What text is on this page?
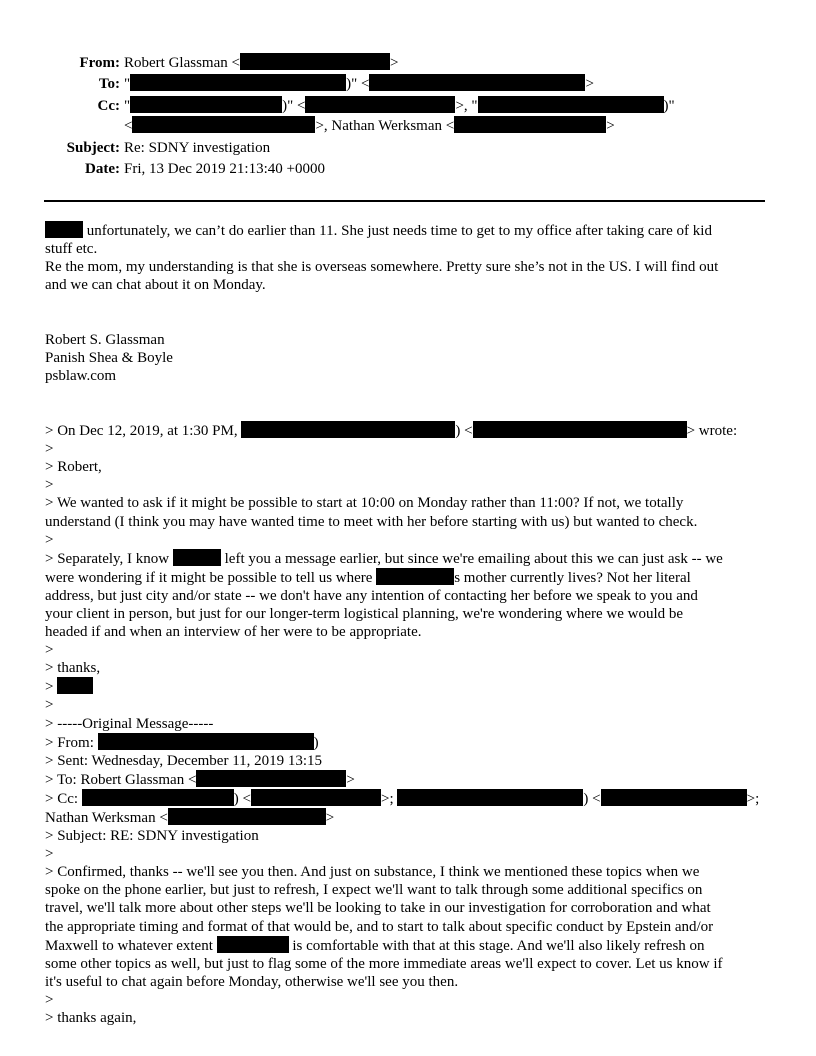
From: Robert Glassman <	>
To: "	)" <	>
Cc: "	)" <	>, "	)"
<	>, Nathan Werksman <	>
Subject: Re: SDNY investigation
Date: Fri, 13 Dec 2019 21:13:40 +0000
unfortunately, we can’t do earlier than 11. She just needs time to get to my office after taking care of kid
stuff etc.
Re the mom, my understanding is that she is overseas somewhere. Pretty sure she’s not in the US. I will find out
and we can chat about it on Monday.
Robert S. Glassman
Panish Shea & Boyle
psblaw.com
> On Dec 12, 2019, at 1:30 PM,	) <	> wrote:
>
> Robert,
>
> We wanted to ask if it might be possible to start at 10:00 on Monday rather than 11:00? If not, we totally
understand (I think you may have wanted time to meet with her before starting with us) but wanted to check.
>
> Separately, I know	left you a message earlier, but since we're emailing about this we can just ask -- we
were wondering if it might be possible to tell us where	s mother currently lives? Not her literal
address, but just city and/or state -- we don't have any intention of contacting her before we speak to you and
your client in person, but just for our longer-term logistical planning, we're wondering where we would be
headed if and when an interview of her were to be appropriate.
>
> thanks,
>
>
> -----Original Message-----
> From:	)
> Sent: Wednesday, December 11, 2019 13:15
> To: Robert Glassman <	>
> Cc:	) <	>;	) <	>;
Nathan Werksman <	>
> Subject: RE: SDNY investigation
>
> Confirmed, thanks -- we'll see you then. And just on substance, I think we mentioned these topics when we
spoke on the phone earlier, but just to refresh, I expect we'll want to talk through some additional specifics on
travel, we'll talk more about other steps we'll be looking to take in our investigation for corroboration and what
the appropriate timing and format of that would be, and to start to talk about specific conduct by Epstein and/or
Maxwell to whatever extent	is comfortable with that at this stage. And we'll also likely refresh on
some other topics as well, but just to flag some of the more immediate areas we'll expect to cover. Let us know if
it's useful to chat again before Monday, otherwise we'll see you then.
>
> thanks again,
